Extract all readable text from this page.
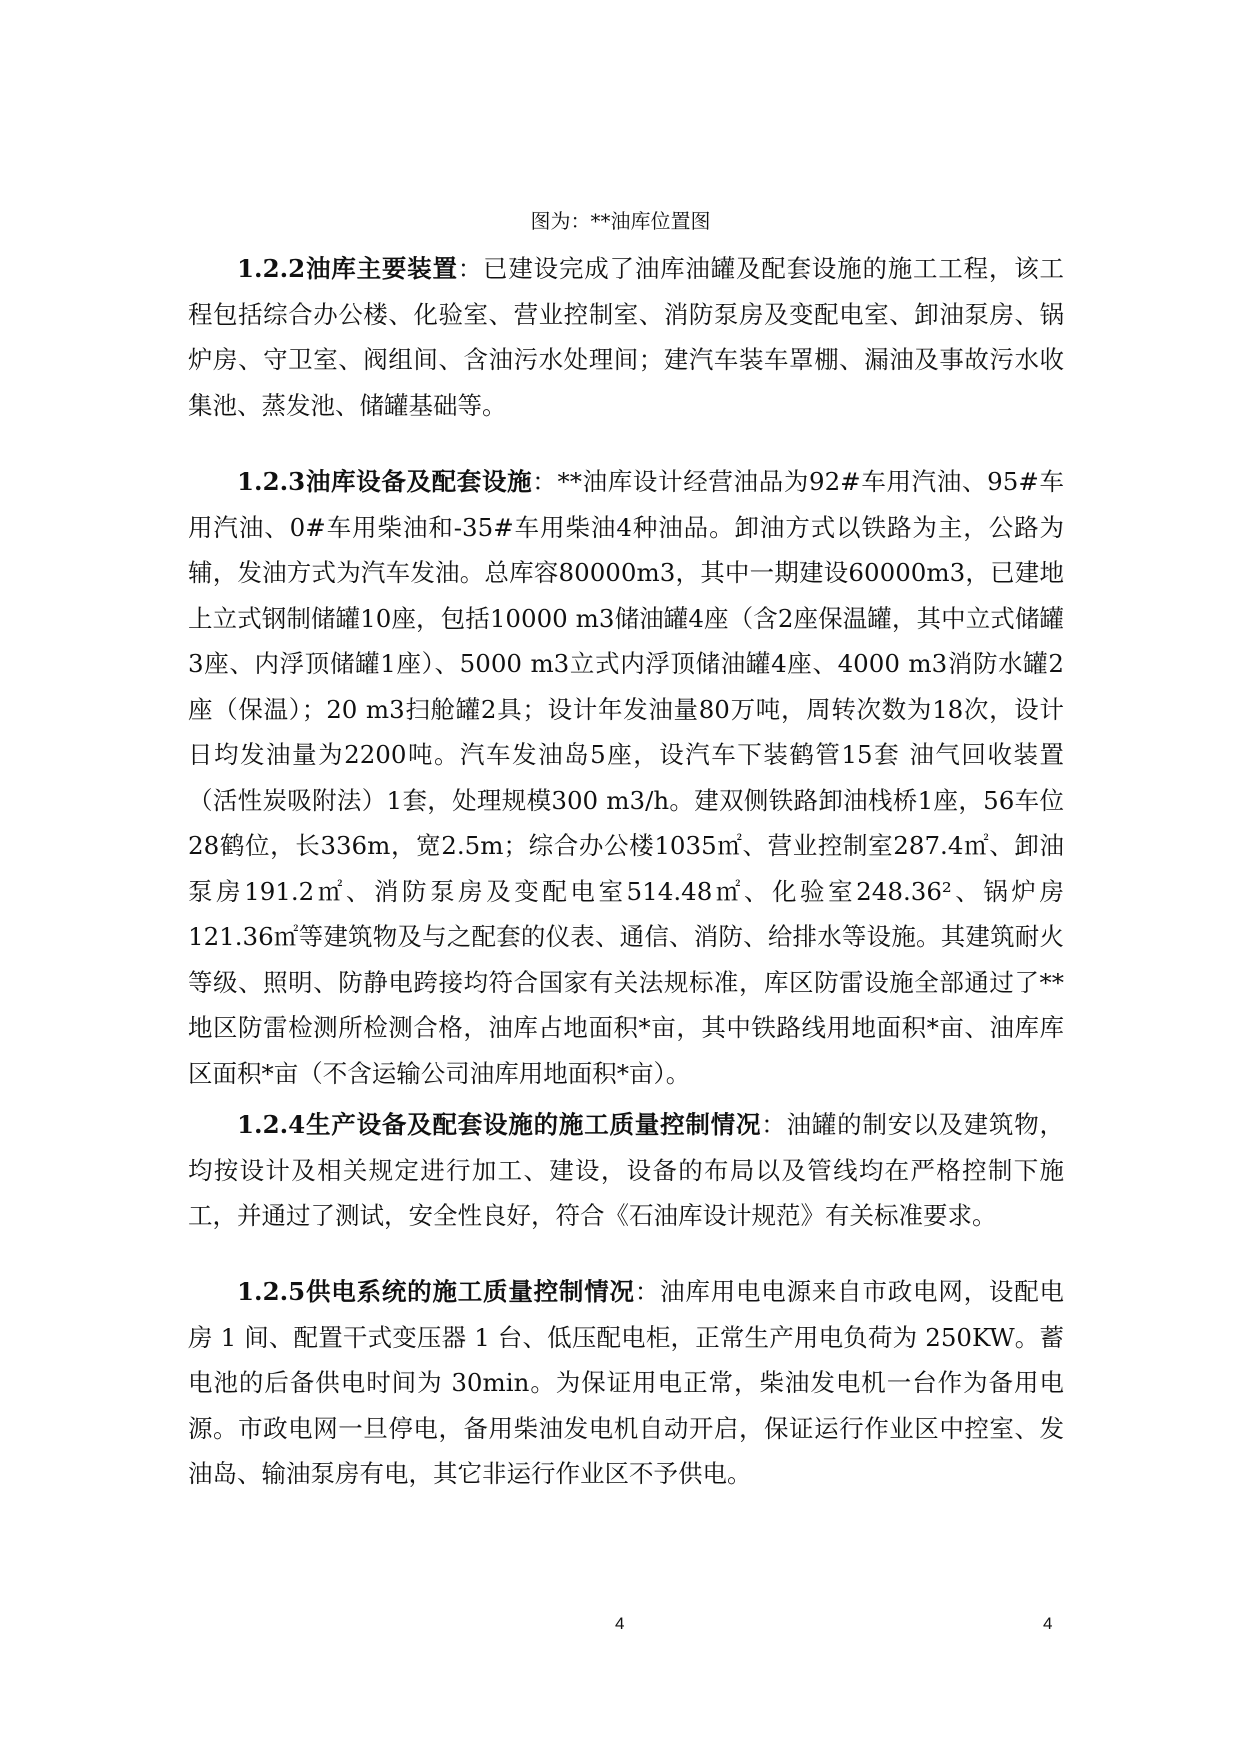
图为：**油库位置图

1.2.2油库主要装置：已建设完成了油库油罐及配套设施的施工工程，该工程包括综合办公楼、化验室、营业控制室、消防泵房及变配电室、卸油泵房、锅炉房、守卫室、阀组间、含油污水处理间；建汽车装车罩棚、漏油及事故污水收集池、蒸发池、储罐基础等。

1.2.3油库设备及配套设施：**油库设计经营油品为92#车用汽油、95#车用汽油、0#车用柴油和-35#车用柴油4种油品。卸油方式以铁路为主，公路为辅，发油方式为汽车发油。总库容80000m3，其中一期建设60000m3，已建地上立式钢制储罐10座，包括10000 m3储油罐4座（含2座保温罐，其中立式储罐3座、内浮顶储罐1座）、5000 m3立式内浮顶储油罐4座、4000 m3消防水罐2座（保温）；20 m3扫舱罐2具；设计年发油量80万吨，周转次数为18次，设计日均发油量为2200吨。汽车发油岛5座，设汽车下装鹤管15套 油气回收装置（活性炭吸附法）1套，处理规模300 m3/h。建双侧铁路卸油栈桥1座，56车位28鹤位，长336m，宽2.5m；综合办公楼1035㎡、营业控制室287.4㎡、卸油泵房191.2㎡、消防泵房及变配电室514.48㎡、化验室248.36²、锅炉房121.36㎡等建筑物及与之配套的仪表、通信、消防、给排水等设施。其建筑耐火等级、照明、防静电跨接均符合国家有关法规标准，库区防雷设施全部通过了**地区防雷检测所检测合格，油库占地面积*亩，其中铁路线用地面积*亩、油库库区面积*亩（不含运输公司油库用地面积*亩）。

1.2.4生产设备及配套设施的施工质量控制情况：油罐的制安以及建筑物，均按设计及相关规定进行加工、建设，设备的布局以及管线均在严格控制下施工，并通过了测试，安全性良好，符合《石油库设计规范》有关标准要求。

1.2.5供电系统的施工质量控制情况：油库用电电源来自市政电网，设配电房 1 间、配置干式变压器 1 台、低压配电柜，正常生产用电负荷为 250KW。蓄电池的后备供电时间为 30min。为保证用电正常，柴油发电机一台作为备用电源。市政电网一旦停电，备用柴油发电机自动开启，保证运行作业区中控室、发油岛、输油泵房有电，其它非运行作业区不予供电。

4	4
